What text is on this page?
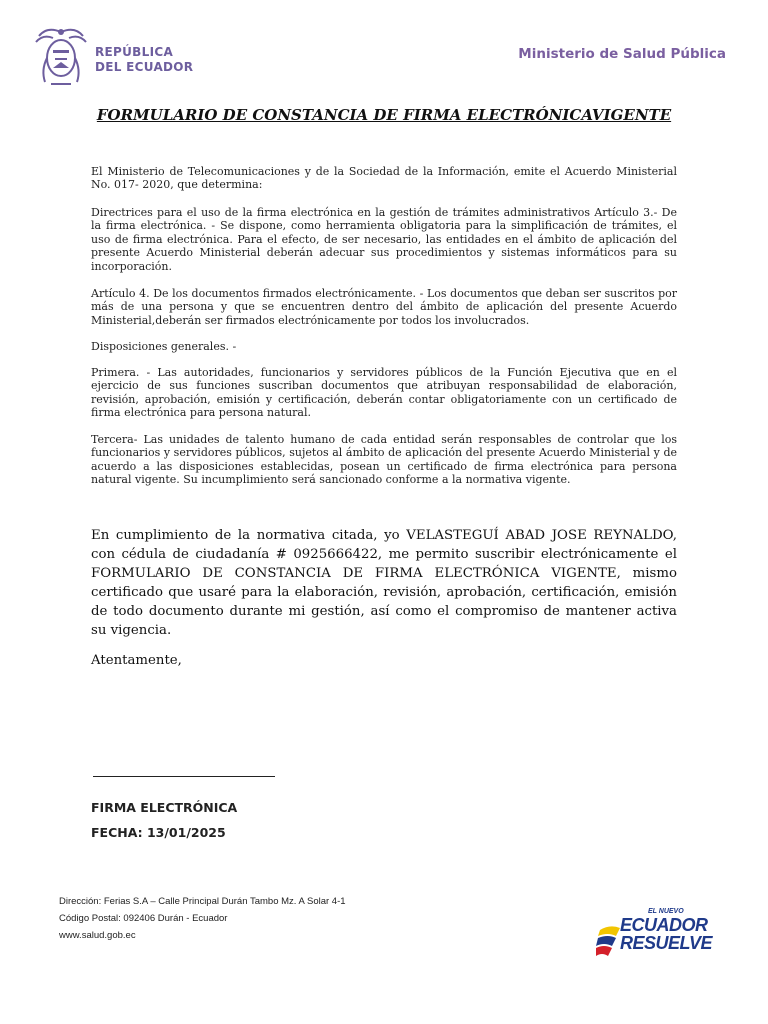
REPÚBLICA
DEL ECUADOR
Ministerio de Salud Pública
FORMULARIO DE CONSTANCIA DE FIRMA ELECTRÓNICAVIGENTE

El Ministerio de Telecomunicaciones y de la Sociedad de la Información, emite el Acuerdo Ministerial No. 017- 2020, que determina:

Directrices para el uso de la firma electrónica en la gestión de trámites administrativos Artículo 3.- De la firma electrónica. - Se dispone, como herramienta obligatoria para la simplificación de trámites, el uso de firma electrónica. Para el efecto, de ser necesario, las entidades en el ámbito de aplicación del presente Acuerdo Ministerial deberán adecuar sus procedimientos y sistemas informáticos para su incorporación.

Artículo 4. De los documentos firmados electrónicamente. - Los documentos que deban ser suscritos por más de una persona y que se encuentren dentro del ámbito de aplicación del presente Acuerdo Ministerial,deberán ser firmados electrónicamente por todos los involucrados.

Disposiciones generales. -

Primera. - Las autoridades, funcionarios y servidores públicos de la Función Ejecutiva que en el ejercicio de sus funciones suscriban documentos que atribuyan responsabilidad de elaboración, revisión, aprobación, emisión y certificación, deberán contar obligatoriamente con un certificado de firma electrónica para persona natural.

Tercera- Las unidades de talento humano de cada entidad serán responsables de controlar que los funcionarios y servidores públicos, sujetos al ámbito de aplicación del presente Acuerdo Ministerial y de acuerdo a las disposiciones establecidas, posean un certificado de firma electrónica para persona natural vigente. Su incumplimiento será sancionado conforme a la normativa vigente.

En cumplimiento de la normativa citada, yo VELASTEGUÍ ABAD JOSE REYNALDO, con cédula de ciudadanía # 0925666422, me permito suscribir electrónicamente el FORMULARIO DE CONSTANCIA DE FIRMA ELECTRÓNICA VIGENTE, mismo certificado que usaré para la elaboración, revisión, aprobación, certificación, emisión de todo documento durante mi gestión, así como el compromiso de mantener activa su vigencia.

Atentamente,

FIRMA ELECTRÓNICA
FECHA: 13/01/2025
Dirección: Ferias S.A – Calle Principal Durán Tambo Mz. A Solar 4-1
Código Postal: 092406 Durán - Ecuador
www.salud.gob.ec
EL NUEVO
ECUADOR
RESUELVE
